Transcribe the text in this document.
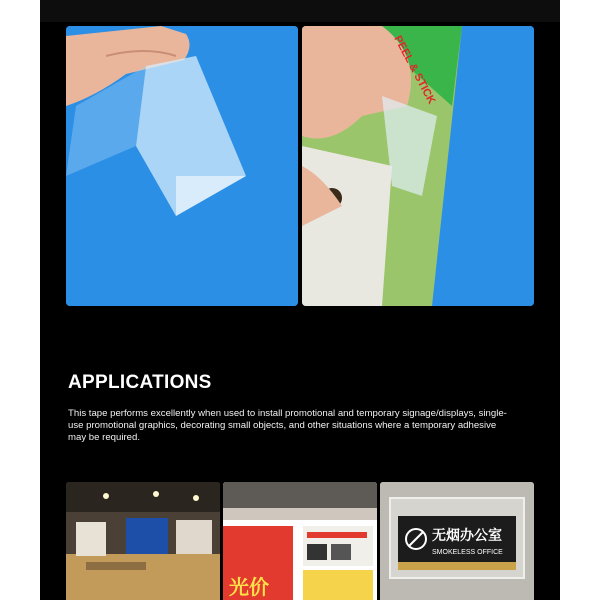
PEEL & STICK
APPLICATIONS

This tape performs excellently when used to install promotional and temporary signage/displays, single-use promotional graphics, decorating small objects, and other situations where a temporary adhesive may be required.

光价
无烟办公室
SMOKELESS OFFICE
